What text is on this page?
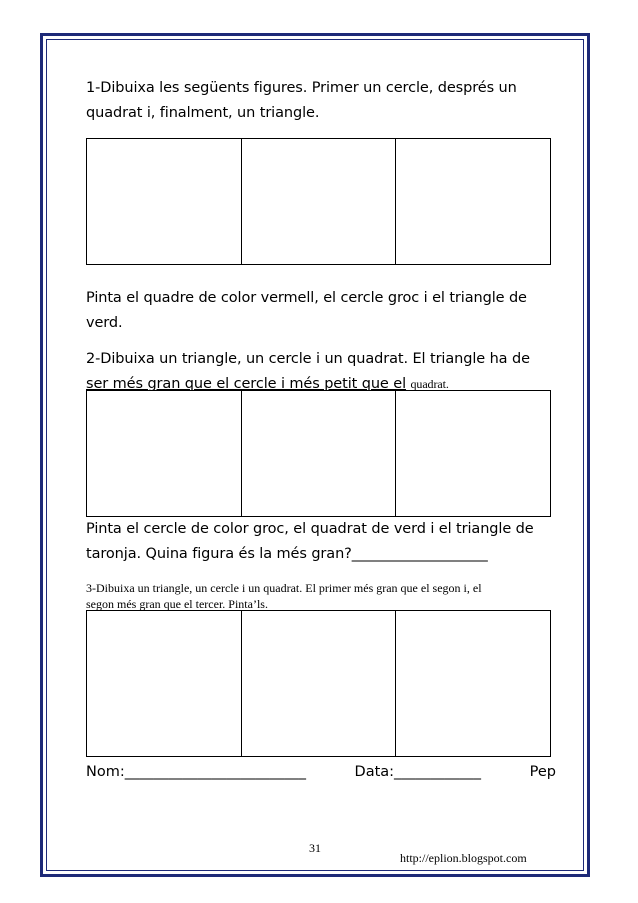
1-Dibuixa les següents figures. Primer un cercle, després un
quadrat i, finalment, un triangle.

Pinta el quadre de color vermell, el cercle groc i el triangle de
verd.
2-Dibuixa un triangle, un cercle i un quadrat. El triangle ha de
ser més gran que el cercle i més petit que el quadrat.

Pinta el cercle de color groc, el quadrat de verd i el triangle de
taronja. Quina figura és la més gran?___________________
3-Dibuixa un triangle, un cercle i un quadrat. El primer més gran que el segon i, el
segon més gran que el tercer. Pinta’ls.

Nom:_________________________	Data:____________	Pep
31
http://eplion.blogspot.com
